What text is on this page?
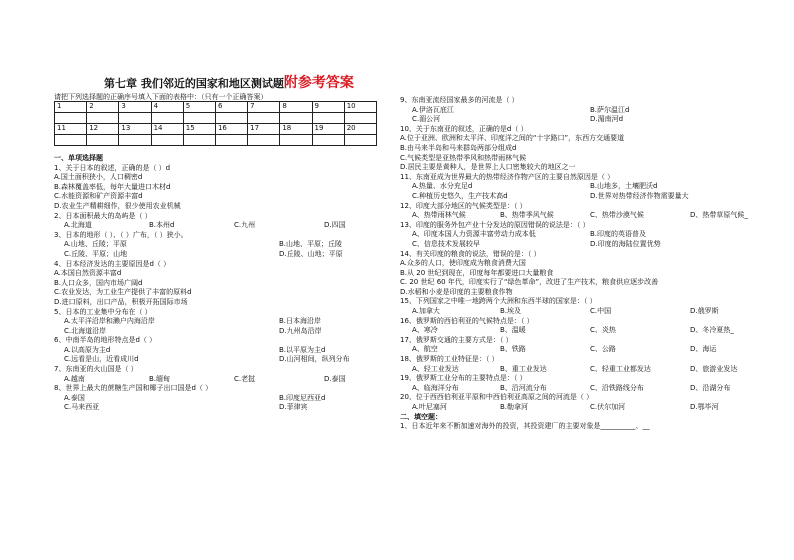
第七章 我们邻近的国家和地区测试题附参考答案
请把下列选择题的正确序号填入下面的表格中：（只有一个正确答案）
1	2	3	4	5	6	7	8	9	10

11	12	13	14	15	16	17	18	19	20

一、单项选择题
1、关于日本的叙述，正确的是（ ）d
A.国土面积狭小，人口稠密d
B.森林覆盖率低，每年大量进口木材d
C.水能资源和矿产资源丰富d
D.农业生产精耕细作，很少使用农业机械
2、日本面积最大的岛屿是（ ）
A.北海道	B.本州d	C.九州	D.四国
3、日本的地形（ ）、（ ）广布，（ ）狭小。
A.山地、丘陵；平原	B.山地、平原；丘陵
C.丘陵、平原；山地	D.丘陵、山地；平原
4、日本经济发达的主要原因是d（ ）
A.本国自然资源丰富d
B.人口众多，国内市场广阔d
C.农业发达，为工业生产提供了丰富的原料d
D.进口原料，出口产品，积极开拓国际市场
5、日本的工业集中分布在（ ）
A.太平洋沿岸和濑户内海沿岸	B.日本海沿岸
C.北海道沿岸	D.九州岛沿岸
6、中南半岛的地形特点是d（ ）
A.以高原为主d	B.以平原为主d
C.远看是山，近看成川d	D.山河相间，纵列分布
7、东南亚的火山国是（ ）
A.越南	B.缅甸	C.老挝	D.泰国
8、世界上最大的蔗糖生产国和椰子出口国是d（ ）
A.泰国	B.印度尼西亚d
C.马来西亚	D.菲律宾
9、东南亚流经国家最多的河流是（ ）
A.伊洛瓦底江	B.萨尔温江d
C.湄公河	D.湄南河d
10、关于东南亚的叙述，正确的是d（ ）
A.位于亚洲、欧洲和太平洋、印度洋之间的“十字路口”，东西方交通要道
B.由马来半岛和马来群岛两部分组成d
C.气候类型是亚热带季风和热带雨林气候
D.居民主要是黄种人，是世界上人口密集较大的地区之一
11、东南亚成为世界最大的热带经济作物产区的主要自然原因是（ ）
A.热量、水分充足d	B.山地多，土壤肥沃d
C.种植历史悠久，生产技术高d	D.世界对热带经济作物需要量大
12、印度大部分地区的气候类型是：（ ）
A、热带雨林气候	B、热带季风气候	C、热带沙漠气候	D、热带草原气候_
13、印度的服务外包产业十分发达的原因错误的说法是：（ ）
A、印度本国人力资源丰富劳动力成本低	B.印度的英语普及
C、信息技术发展较早	D.印度的海陆位置优势
14、有关印度的粮食的说法，错误的是：（ ）
A.众多的人口，使印度成为粮食消费大国
B.从 20 世纪到现在，印度每年都要进口大量粮食
C. 20 世纪 60 年代，印度实行了“绿色革命”，改进了生产技术，粮食供应逐步改善
D.水稻和小麦是印度的主要粮食作物
15、下列国家之中唯一地跨两个大洲和东西半球的国家是：（ ）
A.加拿大	B.埃及	C.中国	D.俄罗斯
16、俄罗斯的西伯利亚的气候特点是：（ ）
A、寒冷	B、温暖	C、炎热	D、冬冷夏热_
17、俄罗斯交通的主要方式是：（ ）
A、航空	B、铁路	C、公路	D、海运
18、俄罗斯的工业特征是：（ ）
A、轻工业发达	B、重工业发达	C、轻重工业都发达	D、旅游业发达
19、俄罗斯工业分布的主要特点是：（ ）
A、临海洋分布	B、沿河流分布	C、沿铁路线分布	D、沿湖分布
20、位于西西伯利亚平原和中西伯利亚高原之间的河流是（ ）
A.叶尼塞河	B.勒拿河	C.伏尔加河	D.鄂毕河
二、填空题：
1、日本近年来不断加速对海外的投资，其投资建厂的主要对象是__________、__
